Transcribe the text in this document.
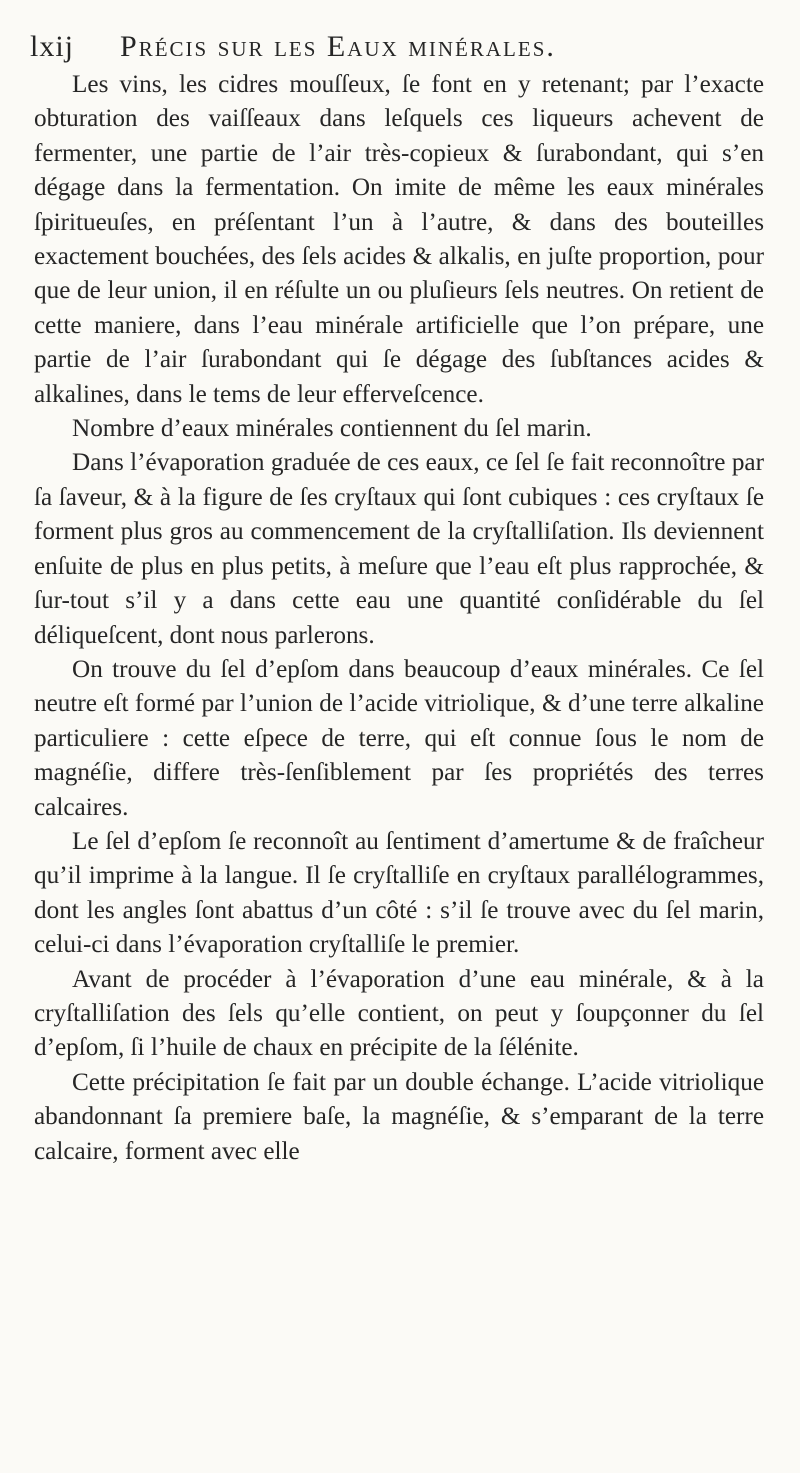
lxij Précis sur les Eaux minérales.

Les vins, les cidres mouſſeux, ſe font en y retenant; par l’exacte obturation des vaiſſeaux dans leſquels ces liqueurs achevent de fermenter, une partie de l’air très-copieux & ſurabondant, qui s’en dégage dans la fermentation. On imite de même les eaux minérales ſpiritueuſes, en préſentant l’un à l’autre, & dans des bouteilles exactement bouchées, des ſels acides & alkalis, en juſte proportion, pour que de leur union, il en réſulte un ou pluſieurs ſels neutres. On retient de cette maniere, dans l’eau minérale artificielle que l’on prépare, une partie de l’air ſurabondant qui ſe dégage des ſubſtances acides & alkalines, dans le tems de leur efferveſcence.

Nombre d’eaux minérales contiennent du ſel marin.

Dans l’évaporation graduée de ces eaux, ce ſel ſe fait reconnoître par ſa ſaveur, & à la figure de ſes cryſtaux qui ſont cubiques : ces cryſtaux ſe forment plus gros au commencement de la cryſtalliſation. Ils deviennent enſuite de plus en plus petits, à meſure que l’eau eſt plus rapprochée, & ſur-tout s’il y a dans cette eau une quantité conſidérable du ſel déliqueſcent, dont nous parlerons.

On trouve du ſel d’epſom dans beaucoup d’eaux minérales. Ce ſel neutre eſt formé par l’union de l’acide vitriolique, & d’une terre alkaline particuliere : cette eſpece de terre, qui eſt connue ſous le nom de magnéſie, differe très-ſenſiblement par ſes propriétés des terres calcaires.

Le ſel d’epſom ſe reconnoît au ſentiment d’amertume & de fraîcheur qu’il imprime à la langue. Il ſe cryſtalliſe en cryſtaux parallélogrammes, dont les angles ſont abattus d’un côté : s’il ſe trouve avec du ſel marin, celui-ci dans l’évaporation cryſtalliſe le premier.

Avant de procéder à l’évaporation d’une eau minérale, & à la cryſtalliſation des ſels qu’elle contient, on peut y ſoupçonner du ſel d’epſom, ſi l’huile de chaux en précipite de la ſélénite.

Cette précipitation ſe fait par un double échange. L’acide vitriolique abandonnant ſa premiere baſe, la magnéſie, & s’emparant de la terre calcaire, forment avec elle
